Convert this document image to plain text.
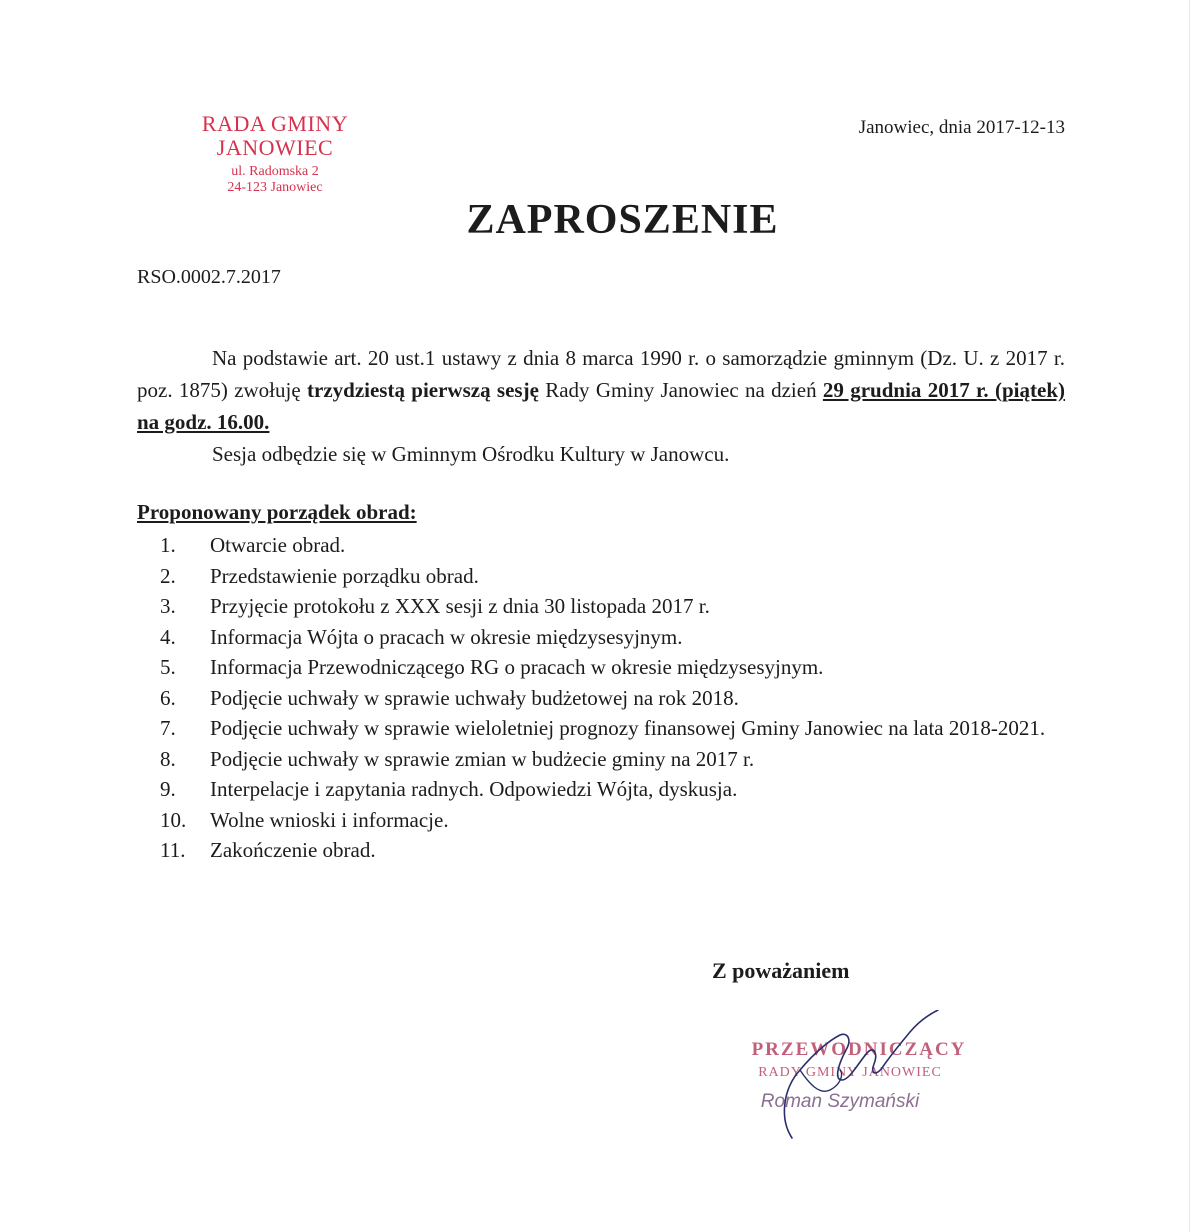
RADA GMINY
JANOWIEC
ul. Radomska 2
24-123 Janowiec
Janowiec, dnia 2017-12-13
ZAPROSZENIE
RSO.0002.7.2017

Na podstawie art. 20 ust.1 ustawy z dnia 8 marca 1990 r. o samorządzie gminnym (Dz. U. z 2017 r. poz. 1875) zwołuję trzydziestą pierwszą sesję Rady Gminy Janowiec na dzień 29 grudnia 2017 r. (piątek) na godz. 16.00.

Sesja odbędzie się w Gminnym Ośrodku Kultury w Janowcu.

Proponowany porządek obrad:
1.	Otwarcie obrad.
2.	Przedstawienie porządku obrad.
3.	Przyjęcie protokołu z XXX sesji z dnia 30 listopada 2017 r.
4.	Informacja Wójta o pracach w okresie międzysesyjnym.
5.	Informacja Przewodniczącego RG o pracach w okresie międzysesyjnym.
6.	Podjęcie uchwały w sprawie uchwały budżetowej na rok 2018.
7.	Podjęcie uchwały w sprawie wieloletniej prognozy finansowej Gminy Janowiec na lata 2018-2021.
8.	Podjęcie uchwały w sprawie zmian w budżecie gminy na 2017 r.
9.	Interpelacje i zapytania radnych. Odpowiedzi Wójta, dyskusja.
10.	Wolne wnioski i informacje.
11.	Zakończenie obrad.
Z poważaniem
PRZEWODNICZĄCY
RADY GMINY JANOWIEC
Roman Szymański
